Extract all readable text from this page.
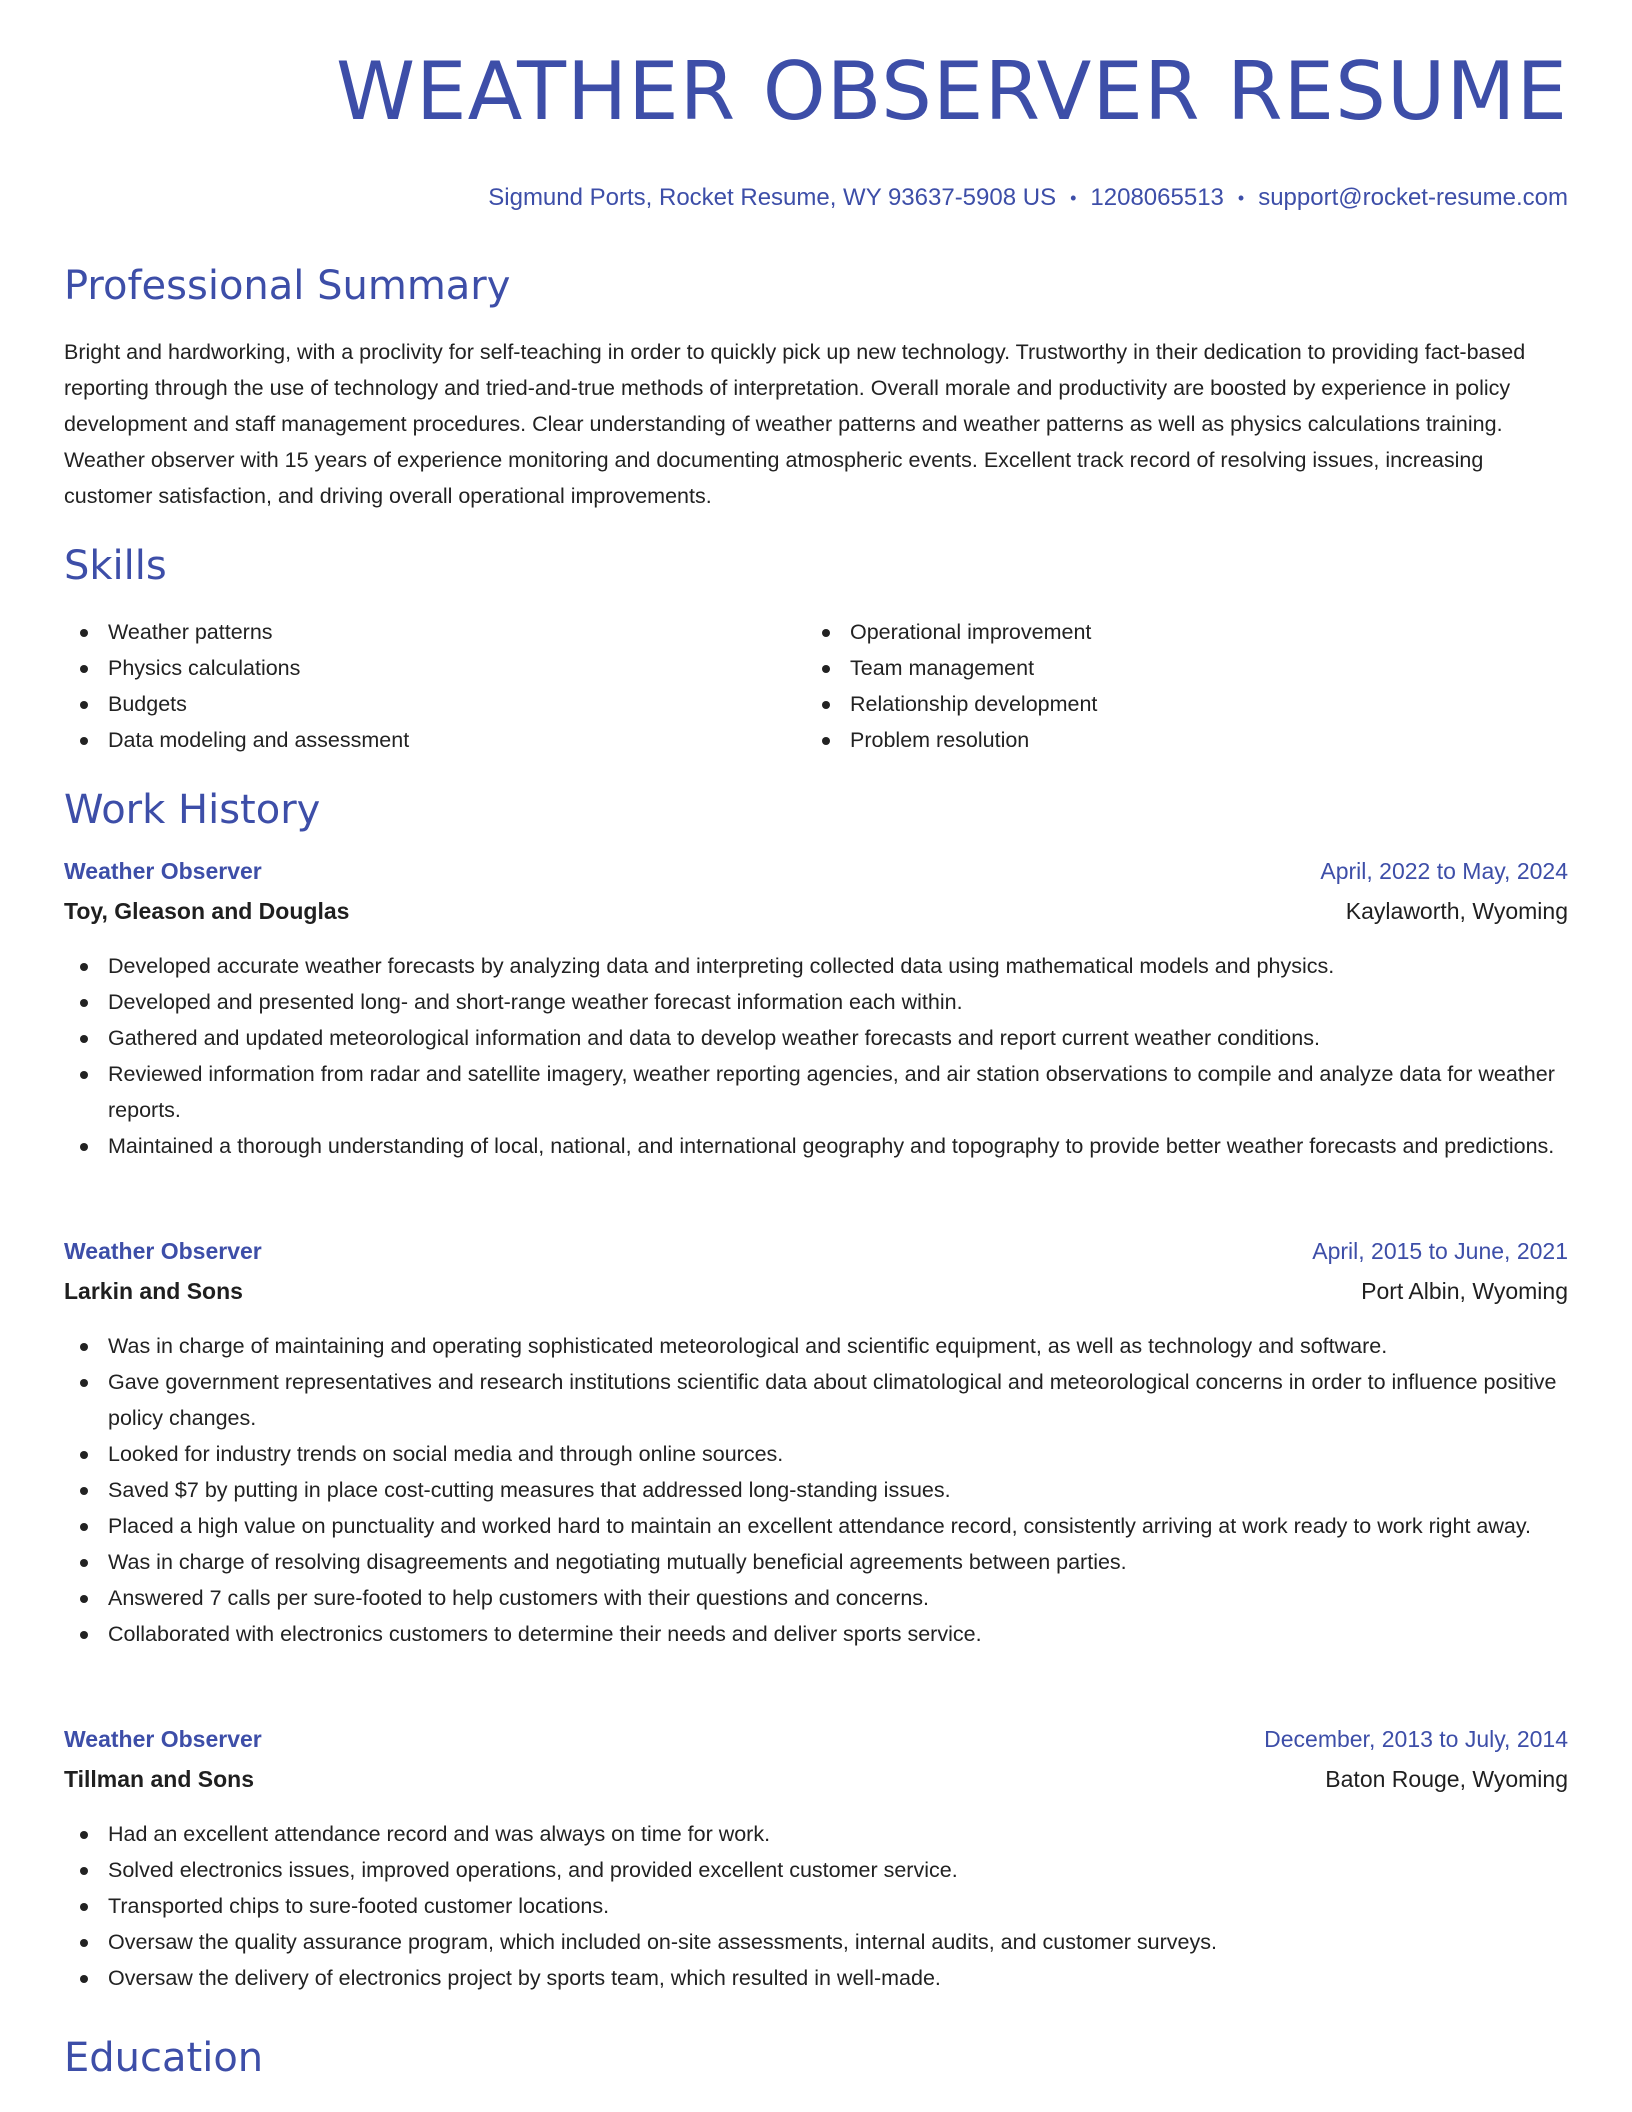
WEATHER OBSERVER RESUME
Sigmund Ports, Rocket Resume, WY 93637-5908 US • 1208065513 • support@rocket-resume.com
Professional Summary

Bright and hardworking, with a proclivity for self-teaching in order to quickly pick up new technology. Trustworthy in their dedication to providing fact-based reporting through the use of technology and tried-and-true methods of interpretation. Overall morale and productivity are boosted by experience in policy development and staff management procedures. Clear understanding of weather patterns and weather patterns as well as physics calculations training. Weather observer with 15 years of experience monitoring and documenting atmospheric events. Excellent track record of resolving issues, increasing customer satisfaction, and driving overall operational improvements.

Skills
Weather patterns
Physics calculations
Budgets
Data modeling and assessment
Operational improvement
Team management
Relationship development
Problem resolution
Work History
Weather Observer	April, 2022 to May, 2024
Toy, Gleason and Douglas	Kaylaworth, Wyoming
Developed accurate weather forecasts by analyzing data and interpreting collected data using mathematical models and physics.
Developed and presented long- and short-range weather forecast information each within.
Gathered and updated meteorological information and data to develop weather forecasts and report current weather conditions.
Reviewed information from radar and satellite imagery, weather reporting agencies, and air station observations to compile and analyze data for weather reports.
Maintained a thorough understanding of local, national, and international geography and topography to provide better weather forecasts and predictions.
Weather Observer	April, 2015 to June, 2021
Larkin and Sons	Port Albin, Wyoming
Was in charge of maintaining and operating sophisticated meteorological and scientific equipment, as well as technology and software.
Gave government representatives and research institutions scientific data about climatological and meteorological concerns in order to influence positive policy changes.
Looked for industry trends on social media and through online sources.
Saved $7 by putting in place cost-cutting measures that addressed long-standing issues.
Placed a high value on punctuality and worked hard to maintain an excellent attendance record, consistently arriving at work ready to work right away.
Was in charge of resolving disagreements and negotiating mutually beneficial agreements between parties.
Answered 7 calls per sure-footed to help customers with their questions and concerns.
Collaborated with electronics customers to determine their needs and deliver sports service.
Weather Observer	December, 2013 to July, 2014
Tillman and Sons	Baton Rouge, Wyoming
Had an excellent attendance record and was always on time for work.
Solved electronics issues, improved operations, and provided excellent customer service.
Transported chips to sure-footed customer locations.
Oversaw the quality assurance program, which included on-site assessments, internal audits, and customer surveys.
Oversaw the delivery of electronics project by sports team, which resulted in well-made.
Education
